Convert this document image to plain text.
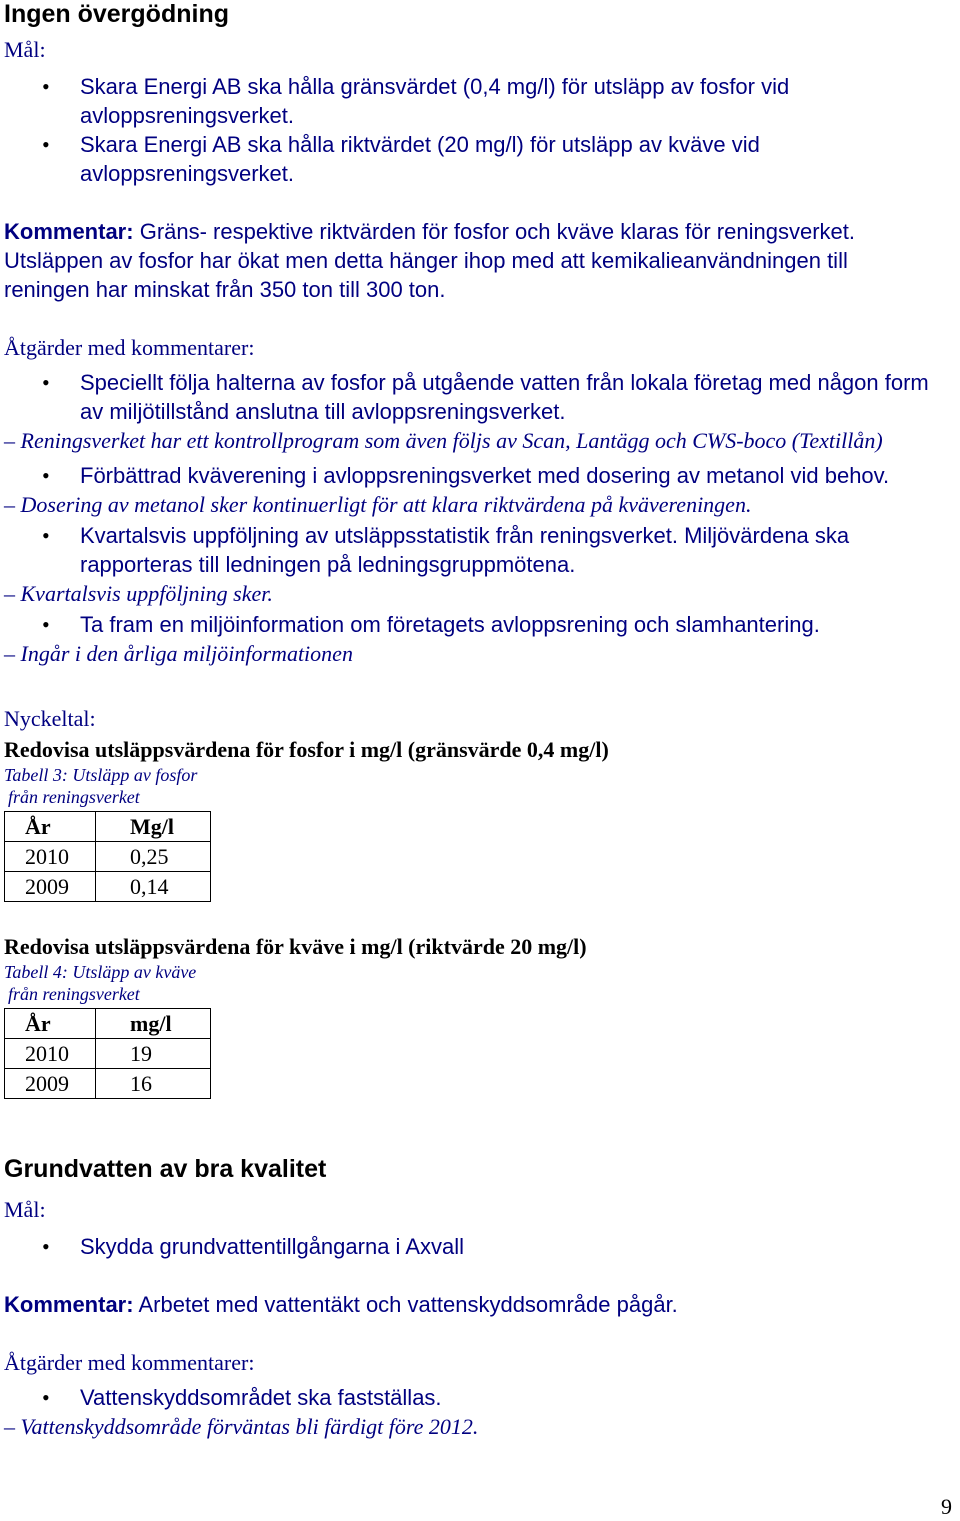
Ingen övergödning
Mål:
• Skara Energi AB ska hålla gränsvärdet (0,4 mg/l) för utsläpp av fosfor vid avloppsreningsverket.
• Skara Energi AB ska hålla riktvärdet (20 mg/l) för utsläpp av kväve vid avloppsreningsverket.
Kommentar: Gräns- respektive riktvärden för fosfor och kväve klaras för reningsverket. Utsläppen av fosfor har ökat men detta hänger ihop med att kemikalieanvändningen till reningen har minskat från 350 ton till 300 ton.
Åtgärder med kommentarer:
• Speciellt följa halterna av fosfor på utgående vatten från lokala företag med någon form av miljötillstånd anslutna till avloppsreningsverket.
– Reningsverket har ett kontrollprogram som även följs av Scan, Lantägg och CWS-boco (Textillån)
• Förbättrad kväverening i avloppsreningsverket med dosering av metanol vid behov.
– Dosering av metanol sker kontinuerligt för att klara riktvärdena på kvävereningen.
• Kvartalsvis uppföljning av utsläppsstatistik från reningsverket. Miljövärdena ska rapporteras till ledningen på ledningsgruppmötena.
– Kvartalsvis uppföljning sker.
• Ta fram en miljöinformation om företagets avloppsrening och slamhantering.
– Ingår i den årliga miljöinformationen
Nyckeltal:
Redovisa utsläppsvärdena för fosfor i mg/l (gränsvärde 0,4 mg/l)
Tabell 3: Utsläpp av fosfor
från reningsverket
År	Mg/l
2010	0,25
2009	0,14
Redovisa utsläppsvärdena för kväve i mg/l (riktvärde 20 mg/l)
Tabell 4: Utsläpp av kväve
från reningsverket
År	mg/l
2010	19
2009	16
Grundvatten av bra kvalitet
Mål:
• Skydda grundvattentillgångarna i Axvall
Kommentar: Arbetet med vattentäkt och vattenskyddsområde pågår.
Åtgärder med kommentarer:
• Vattenskyddsområdet ska fastställas.
– Vattenskyddsområde förväntas bli färdigt före 2012.
9
